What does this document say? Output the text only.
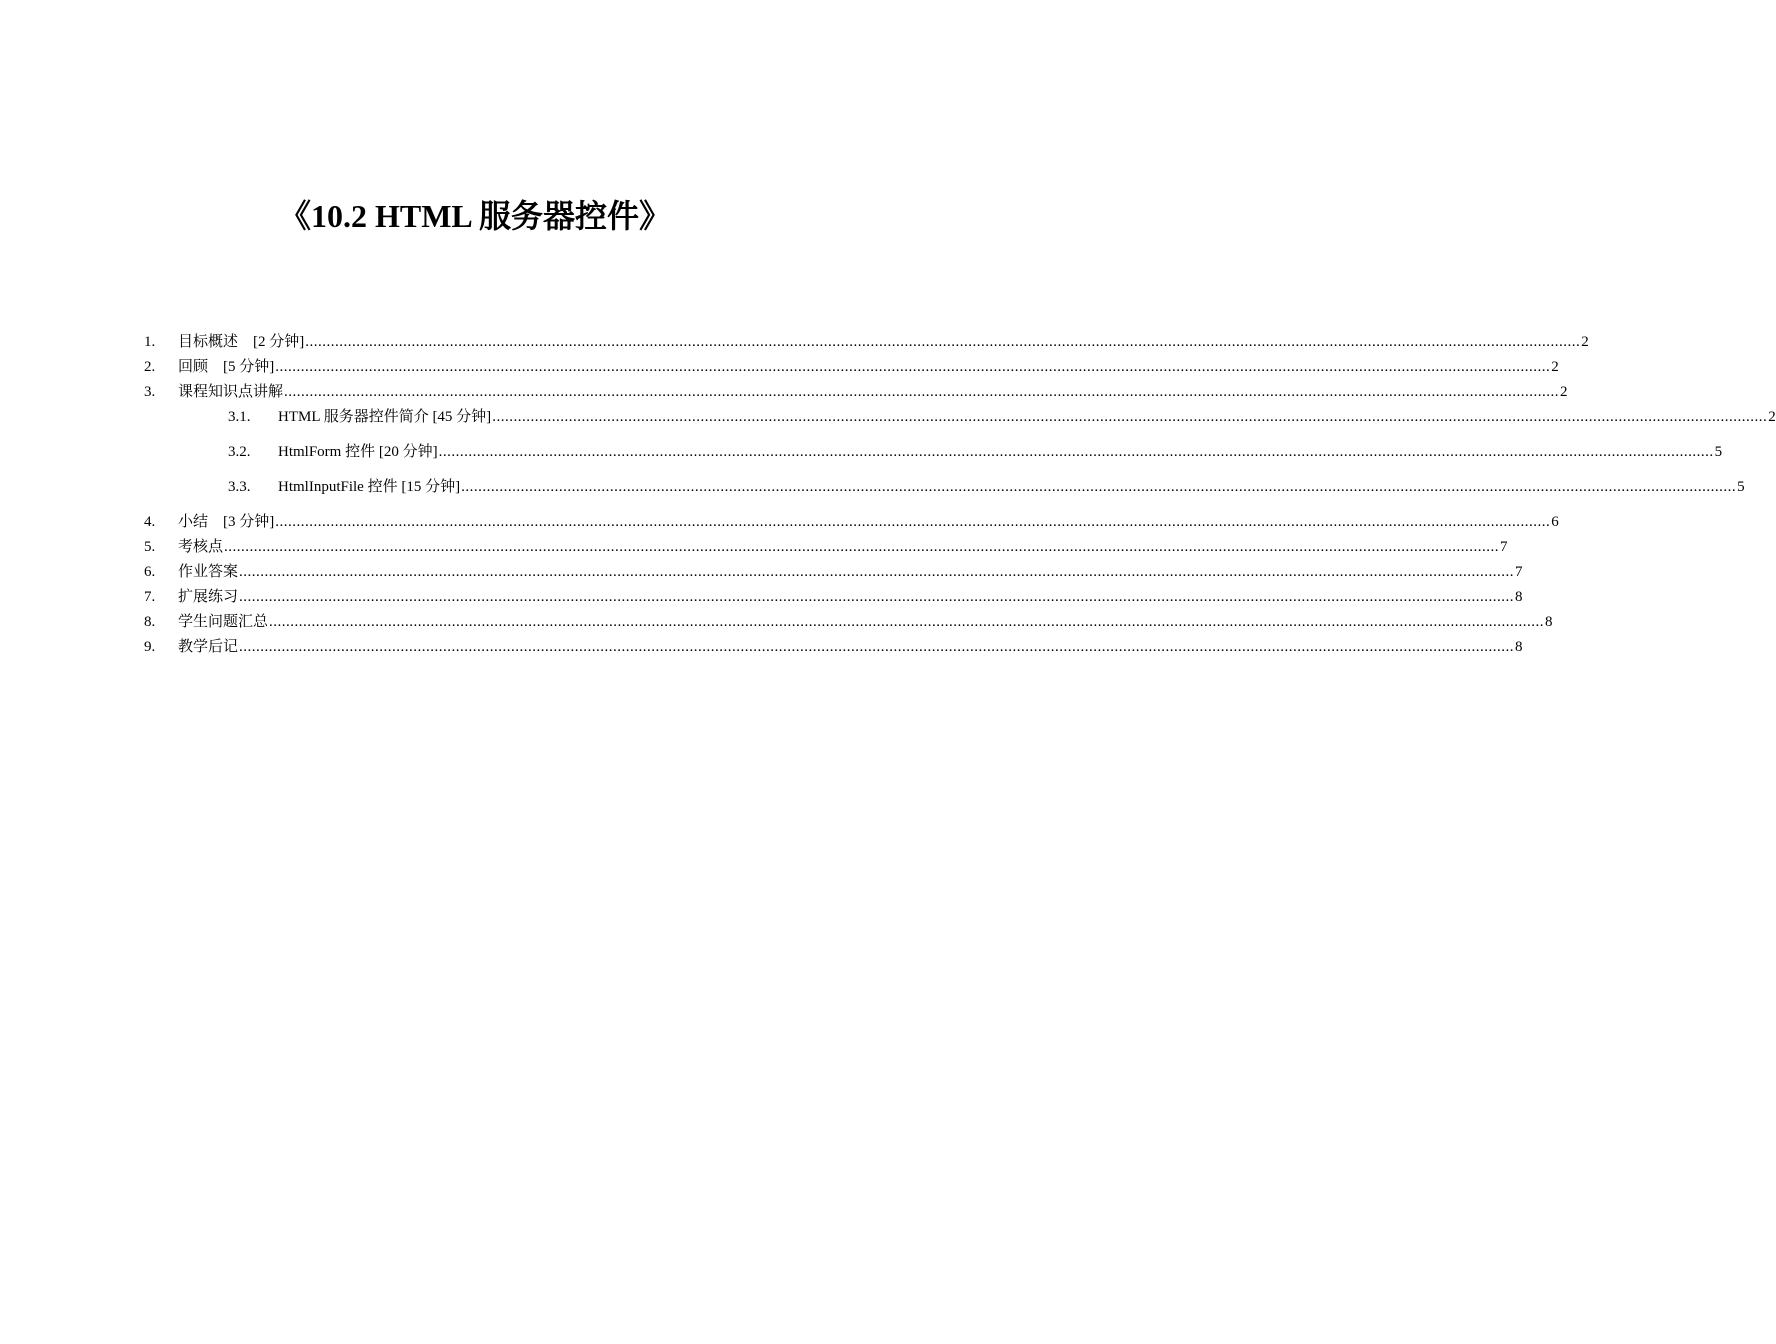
《10.2 HTML 服务器控件》
1.	目标概述　[2 分钟] ............................................................................................................................................................................................................................................................................................................ 2
2.	回顾　[5 分钟] ............................................................................................................................................................................................................................................................................................................ 2
3.	课程知识点讲解 ............................................................................................................................................................................................................................................................................................................ 2
3.1.	HTML 服务器控件简介 [45 分钟] ............................................................................................................................................................................................................................................................................................................ 2
3.2.	HtmlForm 控件 [20 分钟] ............................................................................................................................................................................................................................................................................................................ 5
3.3.	HtmlInputFile 控件 [15 分钟] ............................................................................................................................................................................................................................................................................................................ 5
4.	小结　[3 分钟] ............................................................................................................................................................................................................................................................................................................ 6
5.	考核点 ............................................................................................................................................................................................................................................................................................................ 7
6.	作业答案 ............................................................................................................................................................................................................................................................................................................ 7
7.	扩展练习 ............................................................................................................................................................................................................................................................................................................ 8
8.	学生问题汇总 ............................................................................................................................................................................................................................................................................................................ 8
9.	教学后记 ............................................................................................................................................................................................................................................................................................................ 8
